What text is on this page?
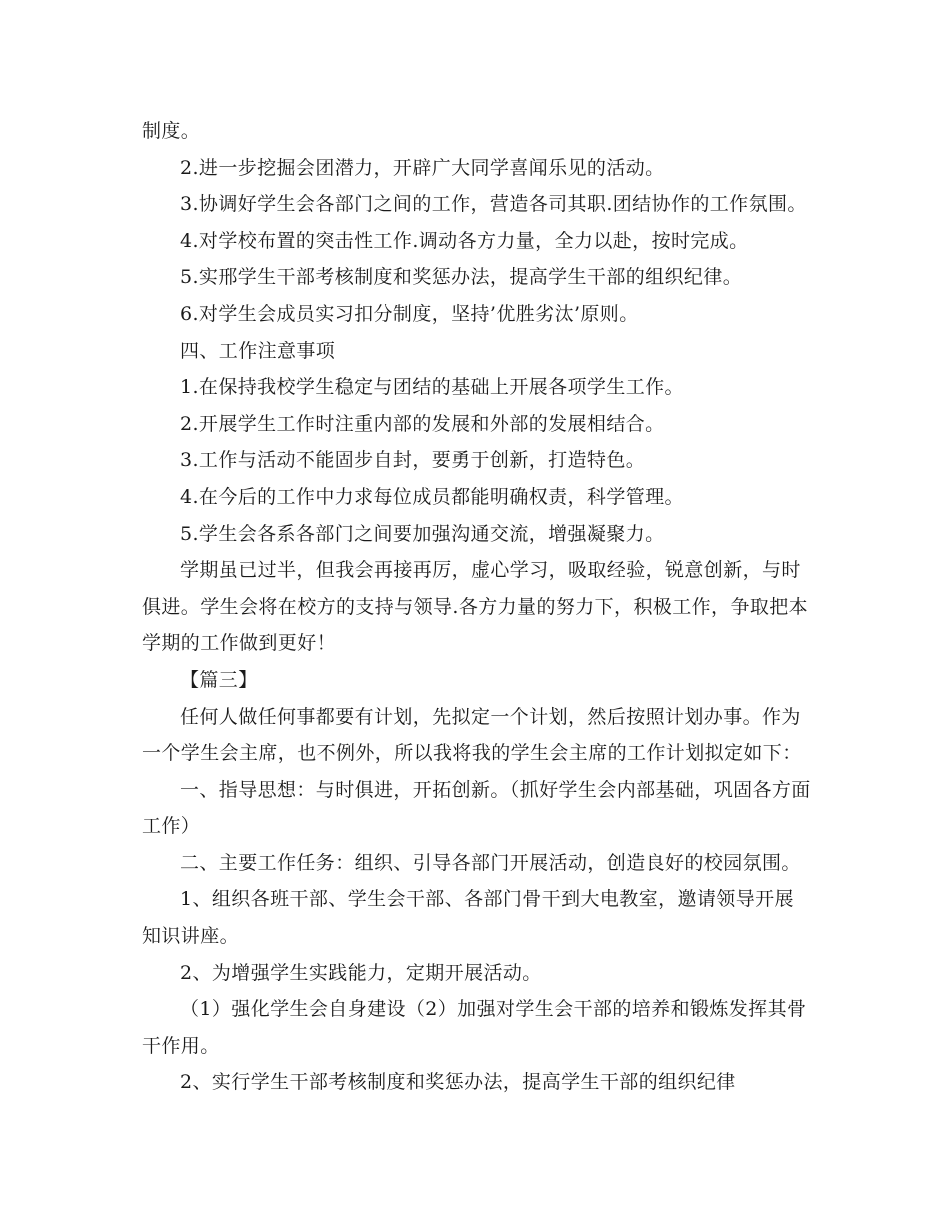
制度。

2.进一步挖掘会团潜力，开辟广大同学喜闻乐见的活动。

3.协调好学生会各部门之间的工作，营造各司其职.团结协作的工作氛围。

4.对学校布置的突击性工作.调动各方力量，全力以赴，按时完成。

5.实邢学生干部考核制度和奖惩办法，提高学生干部的组织纪律。

6.对学生会成员实习扣分制度，坚持’优胜劣汰’原则。

四、工作注意事项

1.在保持我校学生稳定与团结的基础上开展各项学生工作。

2.开展学生工作时注重内部的发展和外部的发展相结合。

3.工作与活动不能固步自封，要勇于创新，打造特色。

4.在今后的工作中力求每位成员都能明确权责，科学管理。

5.学生会各系各部门之间要加强沟通交流，增强凝聚力。

学期虽已过半，但我会再接再厉，虚心学习，吸取经验，锐意创新，与时俱进。学生会将在校方的支持与领导.各方力量的努力下，积极工作，争取把本学期的工作做到更好！

【篇三】

任何人做任何事都要有计划，先拟定一个计划，然后按照计划办事。作为一个学生会主席，也不例外，所以我将我的学生会主席的工作计划拟定如下：

一、指导思想：与时俱进，开拓创新。（抓好学生会内部基础，巩固各方面工作）

二、主要工作任务：组织、引导各部门开展活动，创造良好的校园氛围。

1、组织各班干部、学生会干部、各部门骨干到大电教室，邀请领导开展知识讲座。

2、为增强学生实践能力，定期开展活动。

（1）强化学生会自身建设（2）加强对学生会干部的培养和锻炼发挥其骨干作用。

2、实行学生干部考核制度和奖惩办法，提高学生干部的组织纪律
